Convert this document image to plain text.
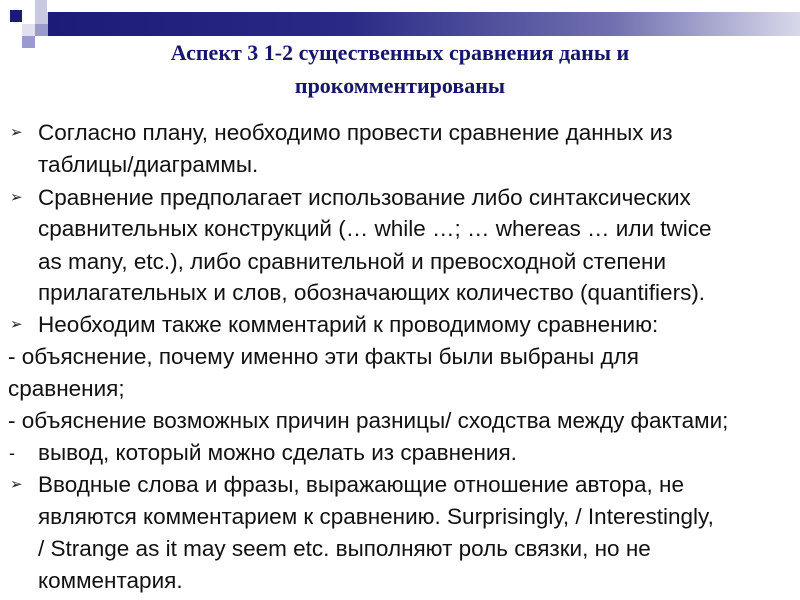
Аспект 3 1-2 существенных сравнения даны и
прокомментированы
➢ Согласно плану, необходимо провести сравнение данных из
таблицы/диаграммы.
➢ Сравнение предполагает использование либо синтаксических
сравнительных конструкций (… while …; … whereas … или twice
as many, etc.), либо сравнительной и превосходной степени
прилагательных и слов, обозначающих количество (quantifiers).
➢ Необходим также комментарий к проводимому сравнению:
- объяснение, почему именно эти факты были выбраны для
сравнения;
- объяснение возможных причин разницы/ сходства между фактами;
- вывод, который можно сделать из сравнения.
➢ Вводные слова и фразы, выражающие отношение автора, не
являются комментарием к сравнению. Surprisingly, / Interestingly,
/ Strange as it may seem etc. выполняют роль связки, но не
комментария.
